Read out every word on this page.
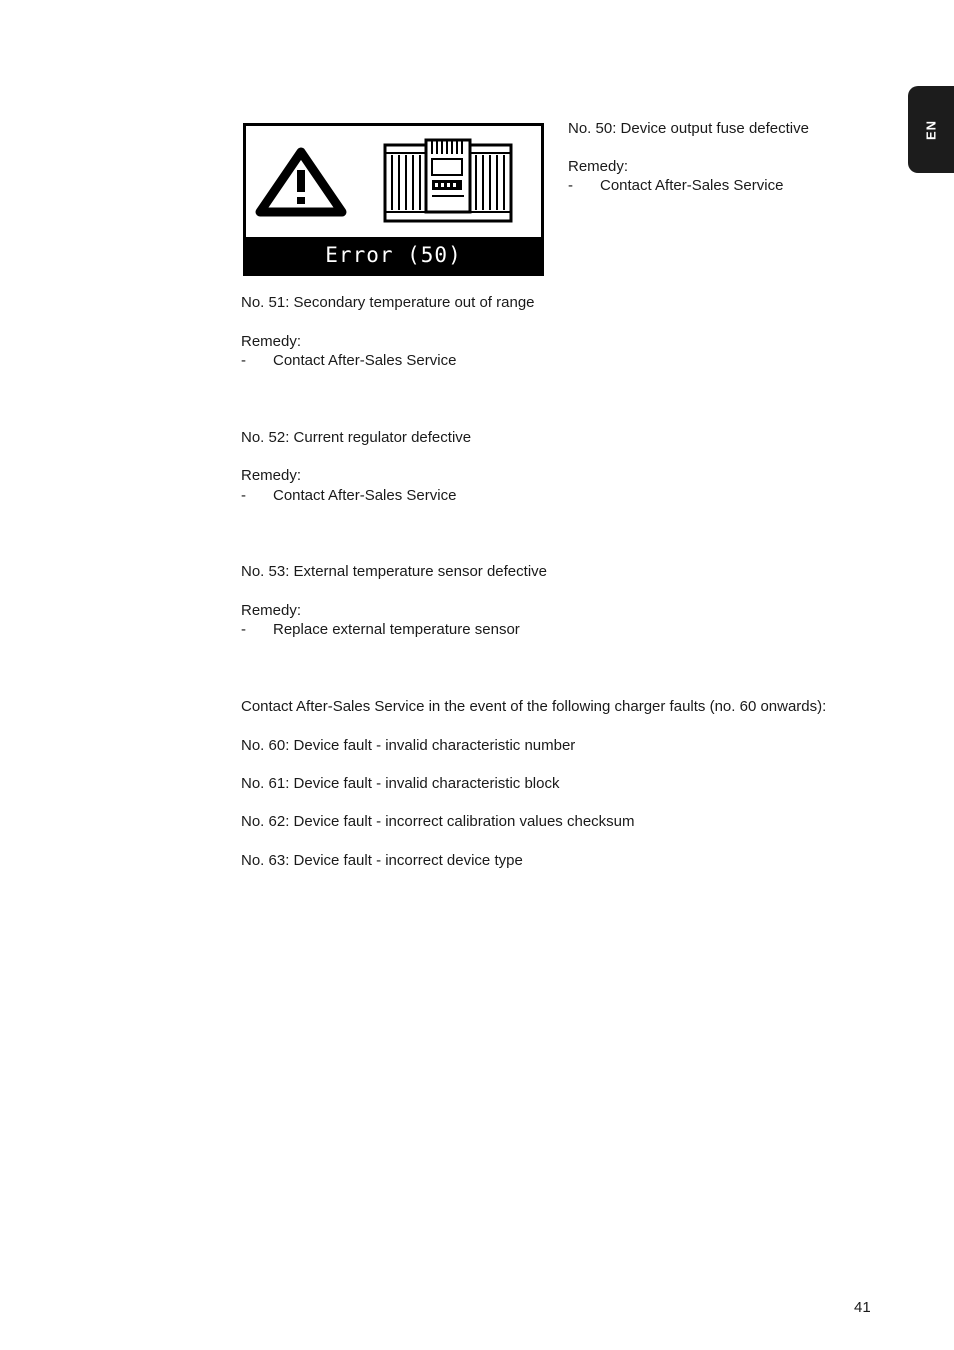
EN
Error (50)
No. 50: Device output fuse defective
Remedy:
- Contact After-Sales Service
No. 51: Secondary temperature out of range
Remedy:
- Contact After-Sales Service
No. 52: Current regulator defective
Remedy:
- Contact After-Sales Service
No. 53: External temperature sensor defective
Remedy:
- Replace external temperature sensor
Contact After-Sales Service in the event of the following charger faults (no. 60 onwards):
No. 60: Device fault - invalid characteristic number
No. 61: Device fault - invalid characteristic block
No. 62: Device fault - incorrect calibration values checksum
No. 63: Device fault - incorrect device type
41
